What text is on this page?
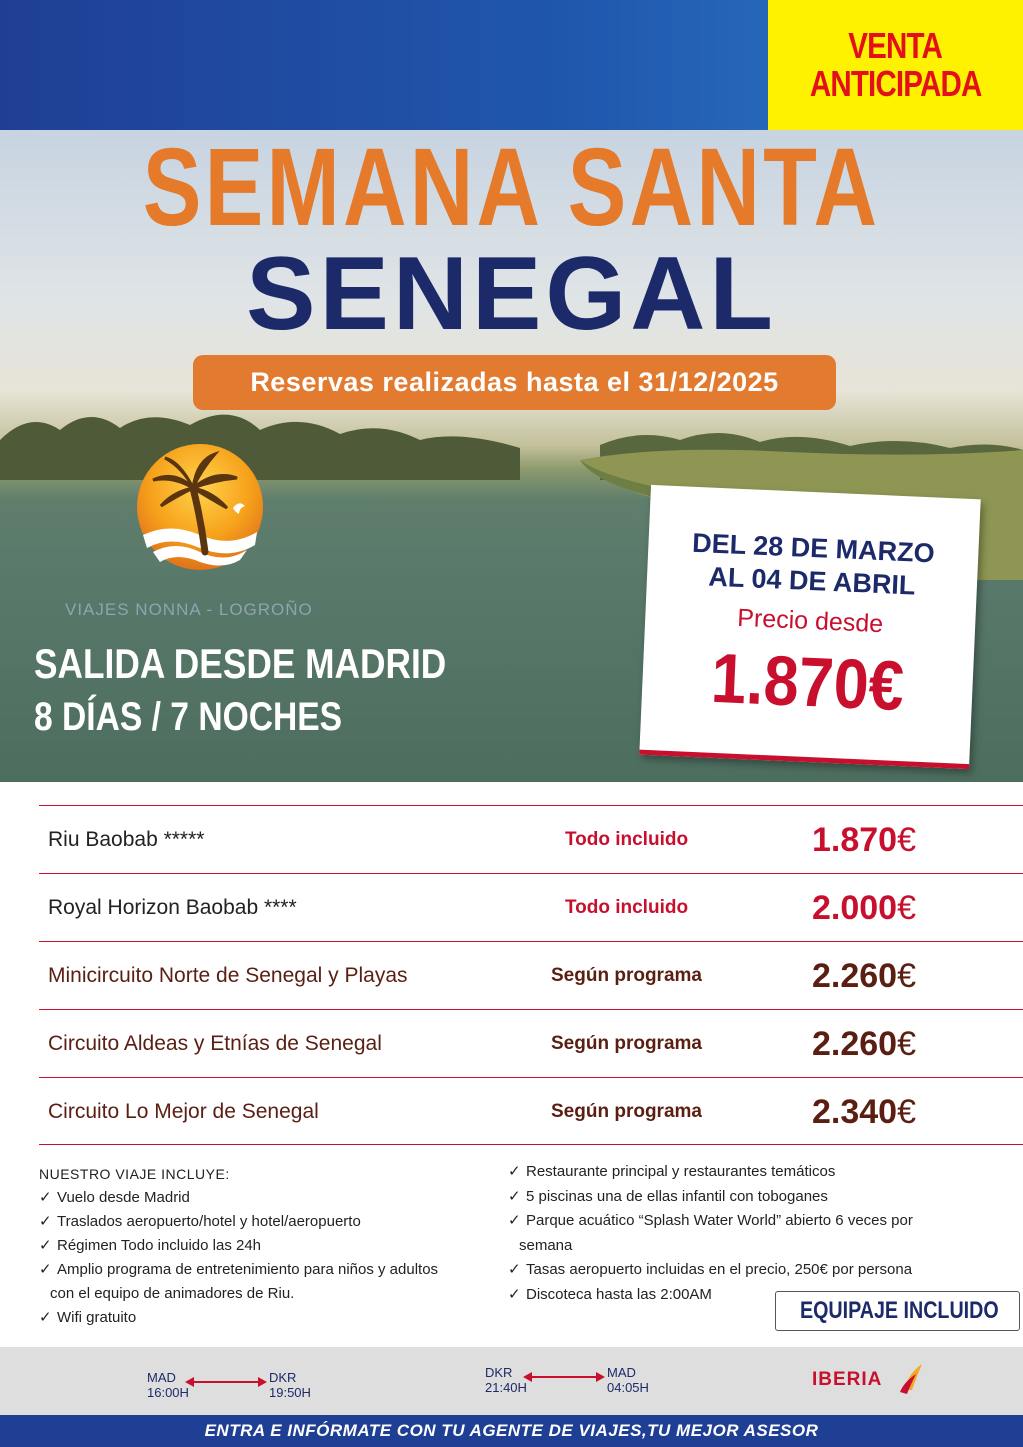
VENTA
ANTICIPADA
SEMANA SANTA
SENEGAL
Reservas realizadas hasta el 31/12/2025
VIAJES NONNA - LOGROÑO
SALIDA DESDE MADRID
8 DÍAS / 7 NOCHES
DEL 28 DE MARZO
AL 04 DE ABRIL
Precio desde
1.870€
Riu Baobab *****	Todo incluido	1.870 €
Royal Horizon Baobab ****	Todo incluido	2.000 €
Minicircuito Norte de Senegal y Playas	Según programa	2.260 €
Circuito Aldeas y Etnías de Senegal	Según programa	2.260 €
Circuito Lo Mejor de Senegal	Según programa	2.340 €
NUESTRO VIAJE INCLUYE:
✓ Vuelo desde Madrid
✓ Traslados aeropuerto/hotel y hotel/aeropuerto
✓ Régimen Todo incluido las 24h
✓ Amplio programa de entretenimiento para niños y adultos
con el equipo de animadores de Riu.
✓ Wifi gratuito
✓ Restaurante principal y restaurantes temáticos
✓ 5 piscinas una de ellas infantil con toboganes
✓ Parque acuático “Splash Water World” abierto 6 veces por
semana
✓ Tasas aeropuerto incluidas en el precio, 250€ por persona
✓ Discoteca hasta las 2:00AM
EQUIPAJE INCLUIDO
MAD
16:00H
DKR
19:50H
DKR
21:40H
MAD
04:05H	IBERIA
ENTRA E INFÓRMATE CON TU AGENTE DE VIAJES,TU MEJOR ASESOR
